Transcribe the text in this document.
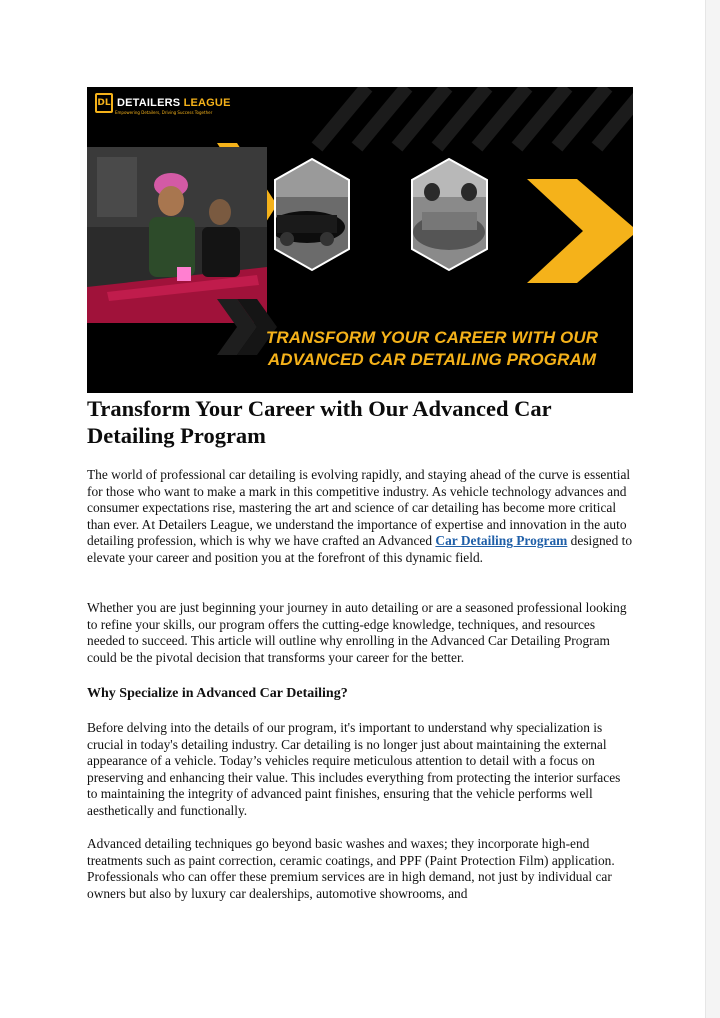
DL DETAILERS LEAGUE
Empowering Detailers, Driving Success Together
TRANSFORM YOUR CAREER WITH OUR ADVANCED CAR DETAILING PROGRAM
Transform Your Career with Our Advanced Car Detailing Program

The world of professional car detailing is evolving rapidly, and staying ahead of the curve is essential for those who want to make a mark in this competitive industry. As vehicle technology advances and consumer expectations rise, mastering the art and science of car detailing has become more critical than ever. At Detailers League, we understand the importance of expertise and innovation in the auto detailing profession, which is why we have crafted an Advanced Car Detailing Program designed to elevate your career and position you at the forefront of this dynamic field.

Whether you are just beginning your journey in auto detailing or are a seasoned professional looking to refine your skills, our program offers the cutting-edge knowledge, techniques, and resources needed to succeed. This article will outline why enrolling in the Advanced Car Detailing Program could be the pivotal decision that transforms your career for the better.

Why Specialize in Advanced Car Detailing?

Before delving into the details of our program, it's important to understand why specialization is crucial in today's detailing industry. Car detailing is no longer just about maintaining the external appearance of a vehicle. Today’s vehicles require meticulous attention to detail with a focus on preserving and enhancing their value. This includes everything from protecting the interior surfaces to maintaining the integrity of advanced paint finishes, ensuring that the vehicle performs well aesthetically and functionally.

Advanced detailing techniques go beyond basic washes and waxes; they incorporate high-end treatments such as paint correction, ceramic coatings, and PPF (Paint Protection Film) application. Professionals who can offer these premium services are in high demand, not just by individual car owners but also by luxury car dealerships, automotive showrooms, and
